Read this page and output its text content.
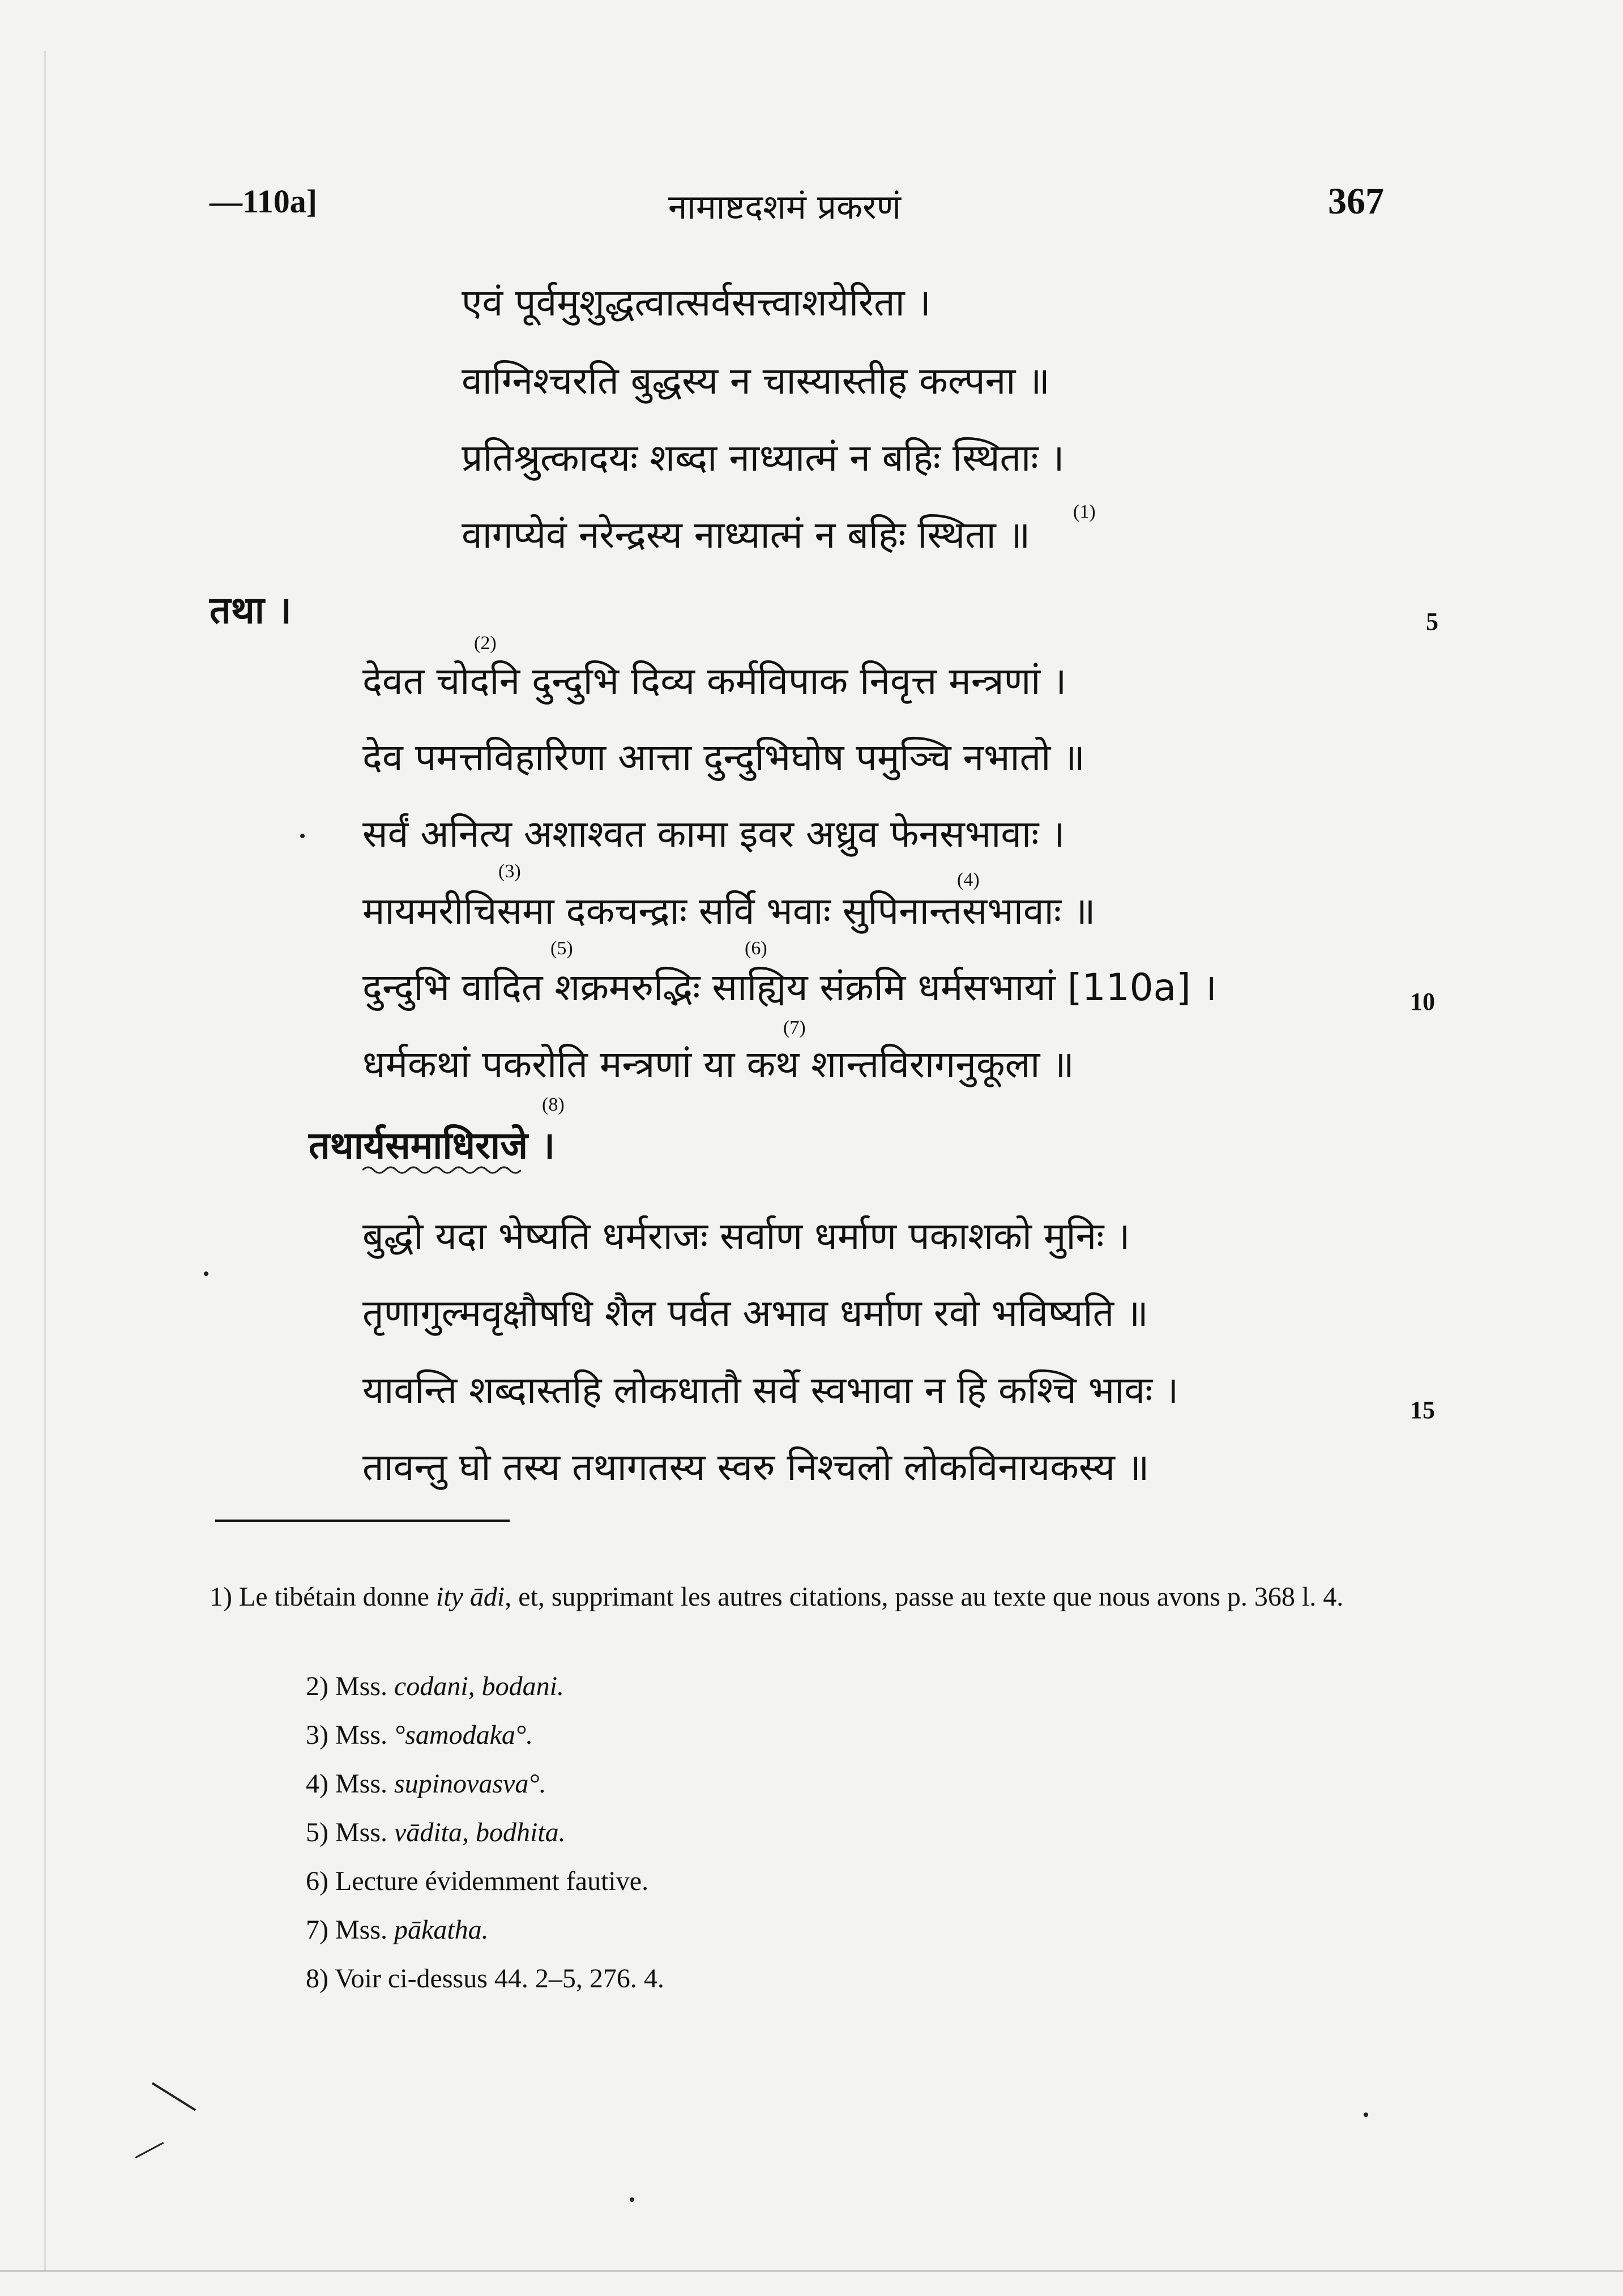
—110a]	नामाष्टदशमं प्रकरणं	367
एवं पूर्वमुशुद्धत्वात्सर्वसत्त्वाशयेरिता ।
वाग्निश्चरति बुद्धस्य न चास्यास्तीह कल्पना ॥
प्रतिश्रुत्कादयः शब्दा नाध्यात्मं न बहिः स्थिताः ।
वागप्येवं नरेन्द्रस्य नाध्यात्मं न बहिः स्थिता ॥
(1)
तथा ।	5
देवत चोदनि दुन्दुभि दिव्य कर्मविपाक निवृत्त मन्त्रणां ।
(2)
देव पमत्तविहारिणा आत्ता दुन्दुभिघोष पमुञ्चि नभातो ॥
सर्वं अनित्य अशाश्वत कामा इवर अध्रुव फेनसभावाः ।
मायमरीचिसमा दकचन्द्राः सर्वि भवाः सुपिनान्तसभावाः ॥
(3)	(4)
दुन्दुभि वादित शक्रमरुद्भिः साह्यिय संक्रमि धर्मसभायां [110a] ।
(5)	(6)
10
धर्मकथां पकरोति मन्त्रणां या कथ शान्तविरागनुकूला ॥
(7)
तथार्यसमाधिराजे ।
(8)
बुद्धो यदा भेष्यति धर्मराजः सर्वाण धर्माण पकाशको मुनिः ।
तृणागुल्मवृक्षौषधि शैल पर्वत अभाव धर्माण रवो भविष्यति ॥
यावन्ति शब्दास्तहि लोकधातौ सर्वे स्वभावा न हि कश्चि भावः ।	15
तावन्तु घो तस्य तथागतस्य स्वरु निश्चलो लोकविनायकस्य ॥
1) Le tibétain donne ity ādi, et, supprimant les autres citations, passe au texte que nous avons p. 368 l. 4.
2) Mss. codani, bodani.
3) Mss. °samodaka°.
4) Mss. supinovasva°.
5) Mss. vādita, bodhita.
6) Lecture évidemment fautive.
7) Mss. pākatha.
8) Voir ci-dessus 44. 2–5, 276. 4.
